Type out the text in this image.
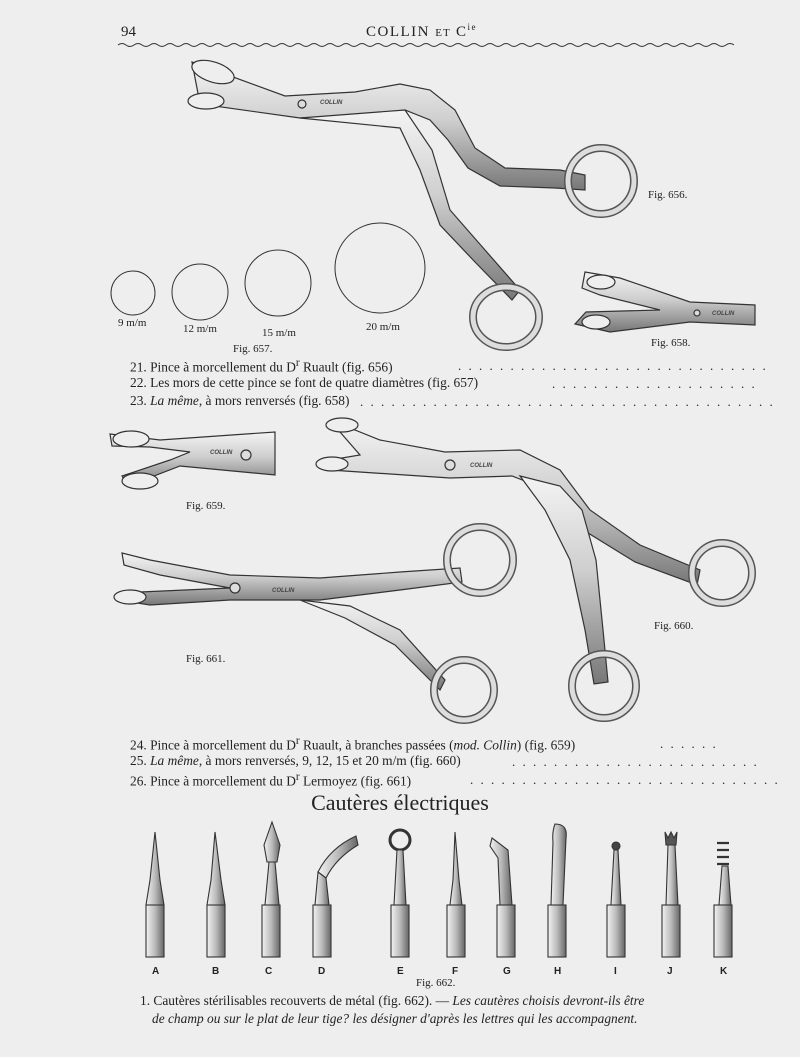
94	COLLIN ET $C^{ie}$
COLLIN
COLLIN
COLLIN
COLLIN
COLLIN
Fig. 656.
Fig. 657.	Fig. 658.
Fig. 659.
Fig. 660.
Fig. 661.
Fig. 662.
9 m/m	12 m/m	15 m/m	20 m/m
21. Pince à morcellement du $D^r$ Ruault (fig. 656)	. . . . . . . . . . . . . . . . . . . . . . . . . . . . . .
22. Les mors de cette pince se font de quatre diamètres (fig. 657)	. . . . . . . . . . . . . . . . . . . .
23. La même, à mors renversés (fig. 658) . . . . . . . . . . . . . . . . . . . . . . . . . . . . . . . . . . . . . . . .
24. Pince à morcellement du $D^r$ Ruault, à branches passées (mod. Collin) (fig. 659)	. . . . . .
25. La même, à mors renversés, 9, 12, 15 et 20 m/m (fig. 660)	. . . . . . . . . . . . . . . . . . . . . . . .
26. Pince à morcellement du $D^r$ Lermoyez (fig. 661)	. . . . . . . . . . . . . . . . . . . . . . . . . . . . . .
Cautères électriques
A	B	C	D	E	F	G	H	I	J	K
1. Cautères stérilisables recouverts de métal (fig. 662). — Les cautères choisis devront-ils être
de champ ou sur le plat de leur tige? les désigner d'après les lettres qui les accompagnent.
